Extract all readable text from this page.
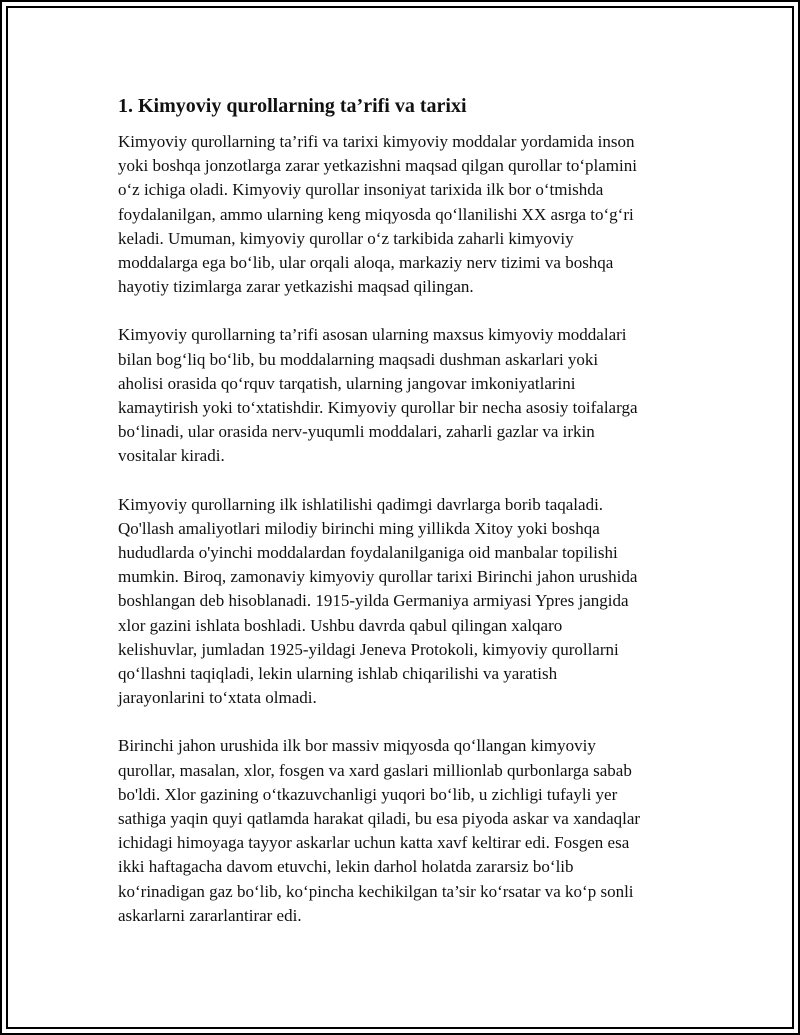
1. Kimyoviy qurollarning ta’rifi va tarixi

Kimyoviy qurollarning ta’rifi va tarixi kimyoviy moddalar yordamida inson
yoki boshqa jonzotlarga zarar yetkazishni maqsad qilgan qurollar to‘plamini
o‘z ichiga oladi. Kimyoviy qurollar insoniyat tarixida ilk bor o‘tmishda
foydalanilgan, ammo ularning keng miqyosda qo‘llanilishi XX asrga to‘g‘ri
keladi. Umuman, kimyoviy qurollar o‘z tarkibida zaharli kimyoviy
moddalarga ega bo‘lib, ular orqali aloqa, markaziy nerv tizimi va boshqa
hayotiy tizimlarga zarar yetkazishi maqsad qilingan.

Kimyoviy qurollarning ta’rifi asosan ularning maxsus kimyoviy moddalari
bilan bog‘liq bo‘lib, bu moddalarning maqsadi dushman askarlari yoki
aholisi orasida qo‘rquv tarqatish, ularning jangovar imkoniyatlarini
kamaytirish yoki to‘xtatishdir. Kimyoviy qurollar bir necha asosiy toifalarga
bo‘linadi, ular orasida nerv-yuqumli moddalari, zaharli gazlar va irkin
vositalar kiradi.

Kimyoviy qurollarning ilk ishlatilishi qadimgi davrlarga borib taqaladi.
Qo'llash amaliyotlari milodiy birinchi ming yillikda Xitoy yoki boshqa
hududlarda o'yinchi moddalardan foydalanilganiga oid manbalar topilishi
mumkin. Biroq, zamonaviy kimyoviy qurollar tarixi Birinchi jahon urushida
boshlangan deb hisoblanadi. 1915-yilda Germaniya armiyasi Ypres jangida
xlor gazini ishlata boshladi. Ushbu davrda qabul qilingan xalqaro
kelishuvlar, jumladan 1925-yildagi Jeneva Protokoli, kimyoviy qurollarni
qo‘llashni taqiqladi, lekin ularning ishlab chiqarilishi va yaratish
jarayonlarini to‘xtata olmadi.

Birinchi jahon urushida ilk bor massiv miqyosda qo‘llangan kimyoviy
qurollar, masalan, xlor, fosgen va xard gaslari millionlab qurbonlarga sabab
bo'ldi. Xlor gazining o‘tkazuvchanligi yuqori bo‘lib, u zichligi tufayli yer
sathiga yaqin quyi qatlamda harakat qiladi, bu esa piyoda askar va xandaqlar
ichidagi himoyaga tayyor askarlar uchun katta xavf keltirar edi. Fosgen esa
ikki haftagacha davom etuvchi, lekin darhol holatda zararsiz bo‘lib
ko‘rinadigan gaz bo‘lib, ko‘pincha kechikilgan ta’sir ko‘rsatar va ko‘p sonli
askarlarni zararlantirar edi.
